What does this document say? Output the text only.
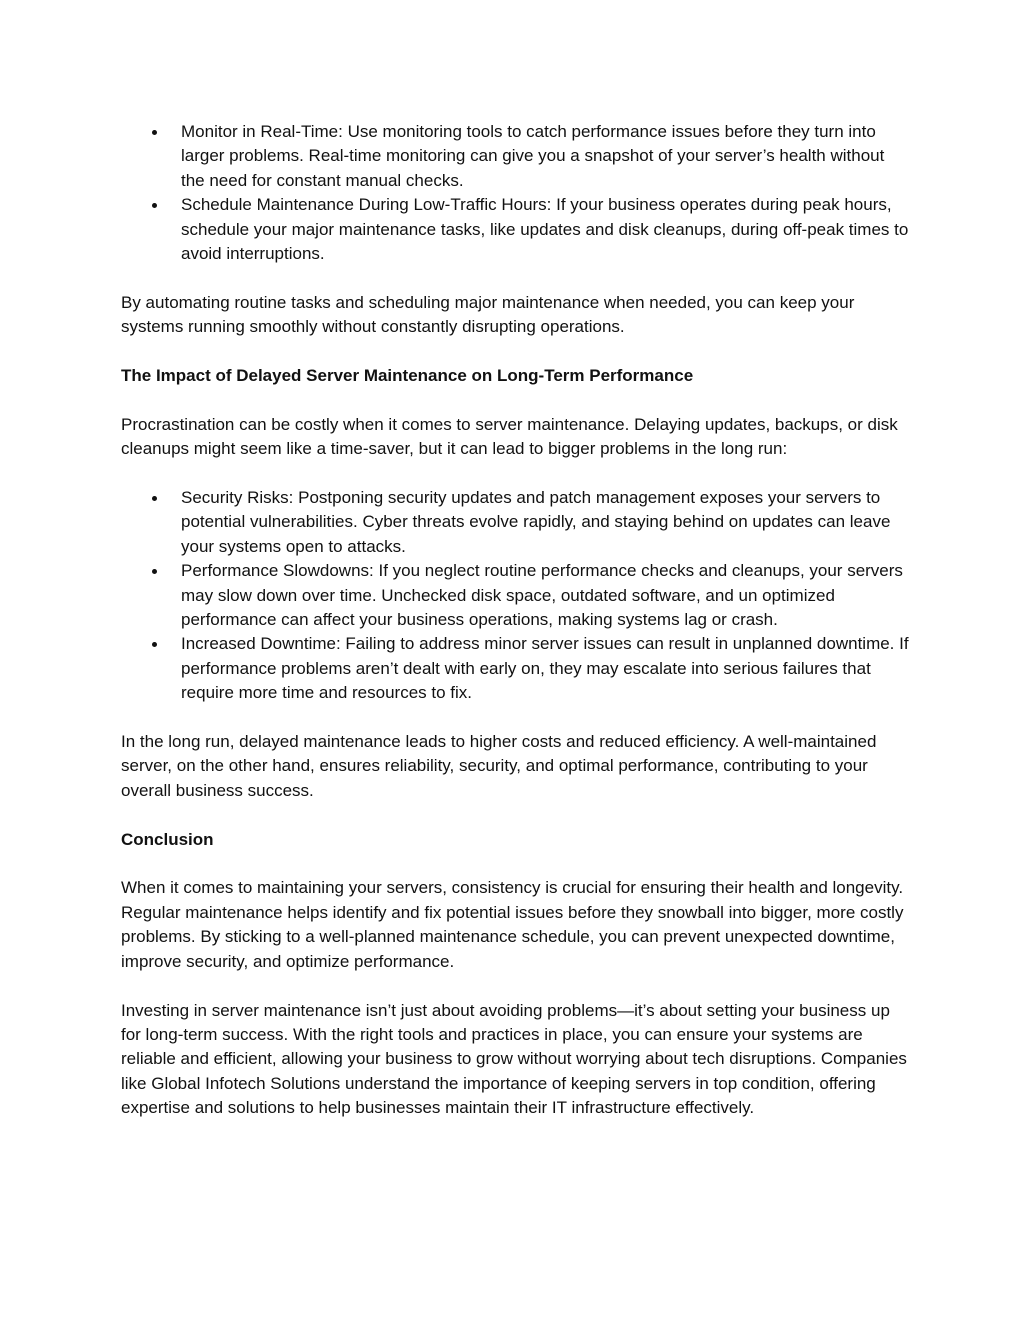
Monitor in Real-Time: Use monitoring tools to catch performance issues before they turn into larger problems. Real-time monitoring can give you a snapshot of your server’s health without the need for constant manual checks.
Schedule Maintenance During Low-Traffic Hours: If your business operates during peak hours, schedule your major maintenance tasks, like updates and disk cleanups, during off-peak times to avoid interruptions.

By automating routine tasks and scheduling major maintenance when needed, you can keep your systems running smoothly without constantly disrupting operations.

The Impact of Delayed Server Maintenance on Long-Term Performance

Procrastination can be costly when it comes to server maintenance. Delaying updates, backups, or disk cleanups might seem like a time-saver, but it can lead to bigger problems in the long run:

Security Risks: Postponing security updates and patch management exposes your servers to potential vulnerabilities. Cyber threats evolve rapidly, and staying behind on updates can leave your systems open to attacks.
Performance Slowdowns: If you neglect routine performance checks and cleanups, your servers may slow down over time. Unchecked disk space, outdated software, and un optimized performance can affect your business operations, making systems lag or crash.
Increased Downtime: Failing to address minor server issues can result in unplanned downtime. If performance problems aren’t dealt with early on, they may escalate into serious failures that require more time and resources to fix.

In the long run, delayed maintenance leads to higher costs and reduced efficiency. A well-maintained server, on the other hand, ensures reliability, security, and optimal performance, contributing to your overall business success.

Conclusion

When it comes to maintaining your servers, consistency is crucial for ensuring their health and longevity. Regular maintenance helps identify and fix potential issues before they snowball into bigger, more costly problems. By sticking to a well-planned maintenance schedule, you can prevent unexpected downtime, improve security, and optimize performance.

Investing in server maintenance isn’t just about avoiding problems—it’s about setting your business up for long-term success. With the right tools and practices in place, you can ensure your systems are reliable and efficient, allowing your business to grow without worrying about tech disruptions. Companies like Global Infotech Solutions understand the importance of keeping servers in top condition, offering expertise and solutions to help businesses maintain their IT infrastructure effectively.
